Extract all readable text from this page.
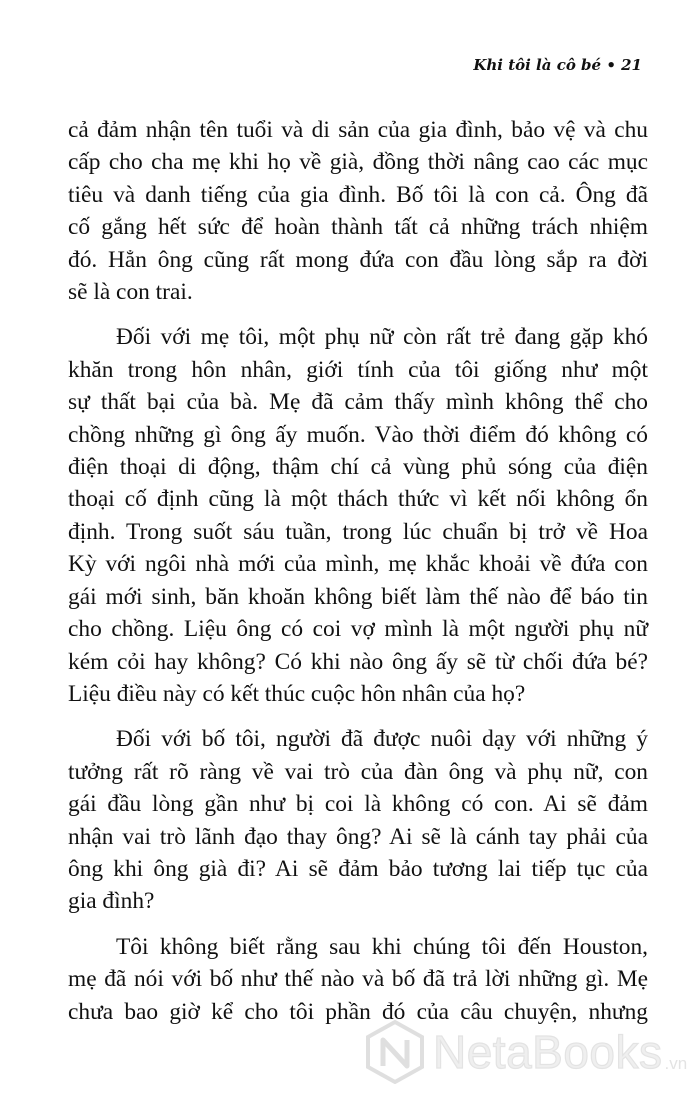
Khi tôi là cô bé • 21
cả đảm nhận tên tuổi và di sản của gia đình, bảo vệ và chu
cấp cho cha mẹ khi họ về già, đồng thời nâng cao các mục
tiêu và danh tiếng của gia đình. Bố tôi là con cả. Ông đã
cố gắng hết sức để hoàn thành tất cả những trách nhiệm
đó. Hẳn ông cũng rất mong đứa con đầu lòng sắp ra đời
sẽ là con trai.
Đối với mẹ tôi, một phụ nữ còn rất trẻ đang gặp khó
khăn trong hôn nhân, giới tính của tôi giống như một
sự thất bại của bà. Mẹ đã cảm thấy mình không thể cho
chồng những gì ông ấy muốn. Vào thời điểm đó không có
điện thoại di động, thậm chí cả vùng phủ sóng của điện
thoại cố định cũng là một thách thức vì kết nối không ổn
định. Trong suốt sáu tuần, trong lúc chuẩn bị trở về Hoa
Kỳ với ngôi nhà mới của mình, mẹ khắc khoải về đứa con
gái mới sinh, băn khoăn không biết làm thế nào để báo tin
cho chồng. Liệu ông có coi vợ mình là một người phụ nữ
kém cỏi hay không? Có khi nào ông ấy sẽ từ chối đứa bé?
Liệu điều này có kết thúc cuộc hôn nhân của họ?
Đối với bố tôi, người đã được nuôi dạy với những ý
tưởng rất rõ ràng về vai trò của đàn ông và phụ nữ, con
gái đầu lòng gần như bị coi là không có con. Ai sẽ đảm
nhận vai trò lãnh đạo thay ông? Ai sẽ là cánh tay phải của
ông khi ông già đi? Ai sẽ đảm bảo tương lai tiếp tục của
gia đình?
Tôi không biết rằng sau khi chúng tôi đến Houston,
mẹ đã nói với bố như thế nào và bố đã trả lời những gì. Mẹ
chưa bao giờ kể cho tôi phần đó của câu chuyện, nhưng
NetaBooks .vn
